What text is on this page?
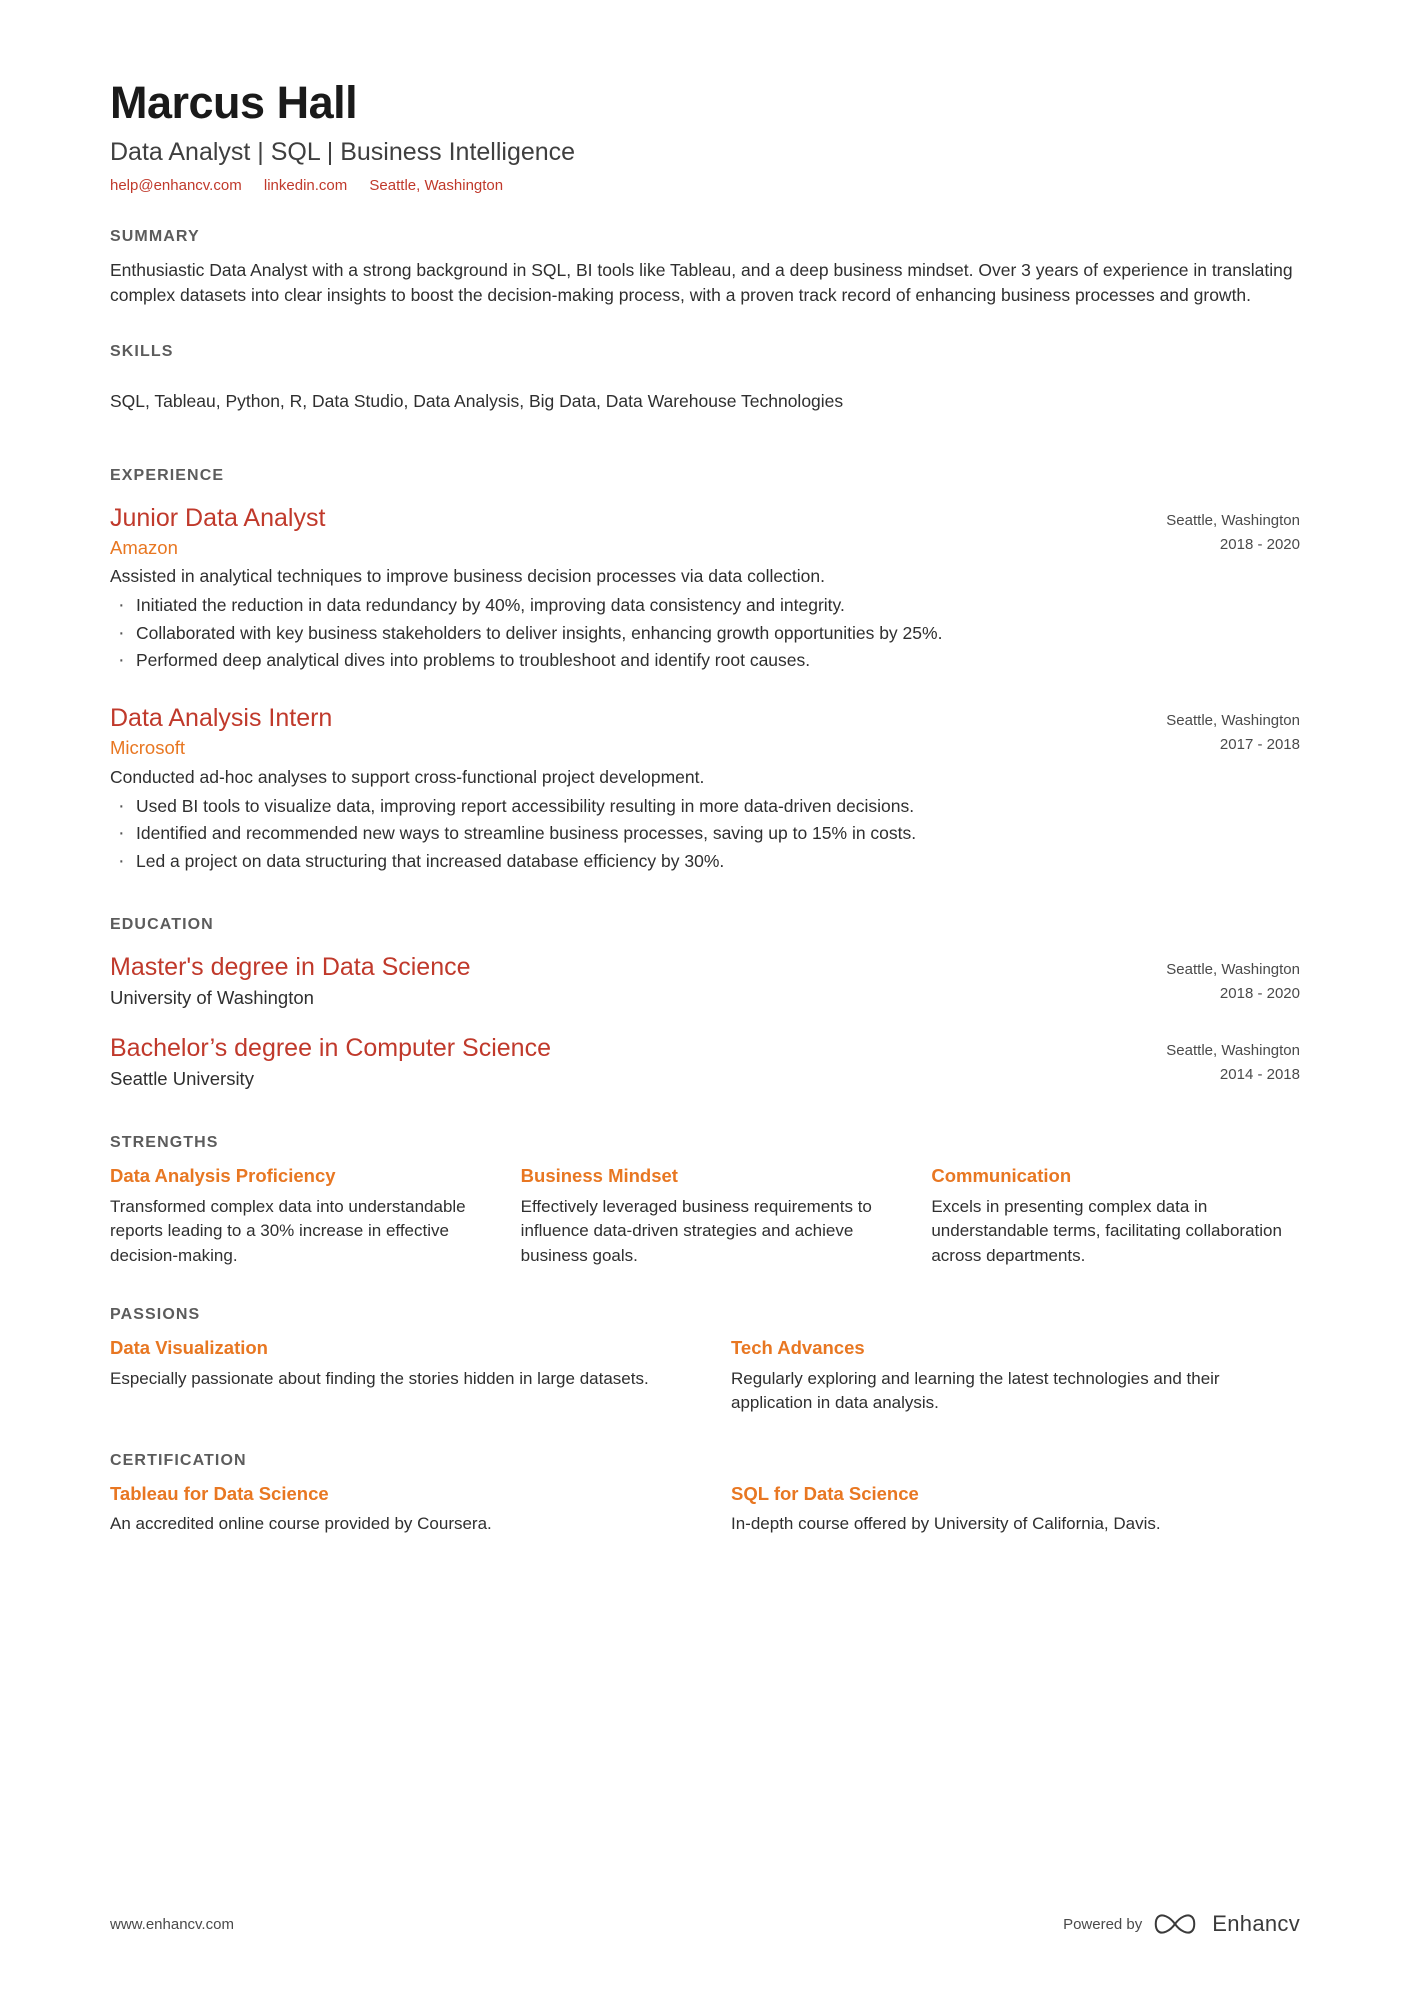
Marcus Hall
Data Analyst | SQL | Business Intelligence
help@enhancv.com linkedin.com Seattle, Washington
SUMMARY
Enthusiastic Data Analyst with a strong background in SQL, BI tools like Tableau, and a deep business mindset. Over 3 years of experience in translating complex datasets into clear insights to boost the decision-making process, with a proven track record of enhancing business processes and growth.
SKILLS
SQL, Tableau, Python, R, Data Studio, Data Analysis, Big Data, Data Warehouse Technologies
EXPERIENCE
Junior Data Analyst
Amazon
Assisted in analytical techniques to improve business decision processes via data collection.
· Initiated the reduction in data redundancy by 40%, improving data consistency and integrity.
· Collaborated with key business stakeholders to deliver insights, enhancing growth opportunities by 25%.
· Performed deep analytical dives into problems to troubleshoot and identify root causes.
Seattle, Washington
2018 - 2020
Data Analysis Intern
Microsoft
Conducted ad-hoc analyses to support cross-functional project development.
· Used BI tools to visualize data, improving report accessibility resulting in more data-driven decisions.
· Identified and recommended new ways to streamline business processes, saving up to 15% in costs.
· Led a project on data structuring that increased database efficiency by 30%.
Seattle, Washington
2017 - 2018
EDUCATION
Master's degree in Data Science
University of Washington
Seattle, Washington
2018 - 2020
Bachelor’s degree in Computer Science
Seattle University
Seattle, Washington
2014 - 2018
STRENGTHS
Data Analysis Proficiency
Transformed complex data into understandable reports leading to a 30% increase in effective decision-making.
Business Mindset
Effectively leveraged business requirements to influence data-driven strategies and achieve business goals.
Communication
Excels in presenting complex data in understandable terms, facilitating collaboration across departments.
PASSIONS
Data Visualization
Especially passionate about finding the stories hidden in large datasets.
Tech Advances
Regularly exploring and learning the latest technologies and their application in data analysis.
CERTIFICATION
Tableau for Data Science
An accredited online course provided by Coursera.
SQL for Data Science
In-depth course offered by University of California, Davis.
www.enhancv.com	Powered by	Enhancv
